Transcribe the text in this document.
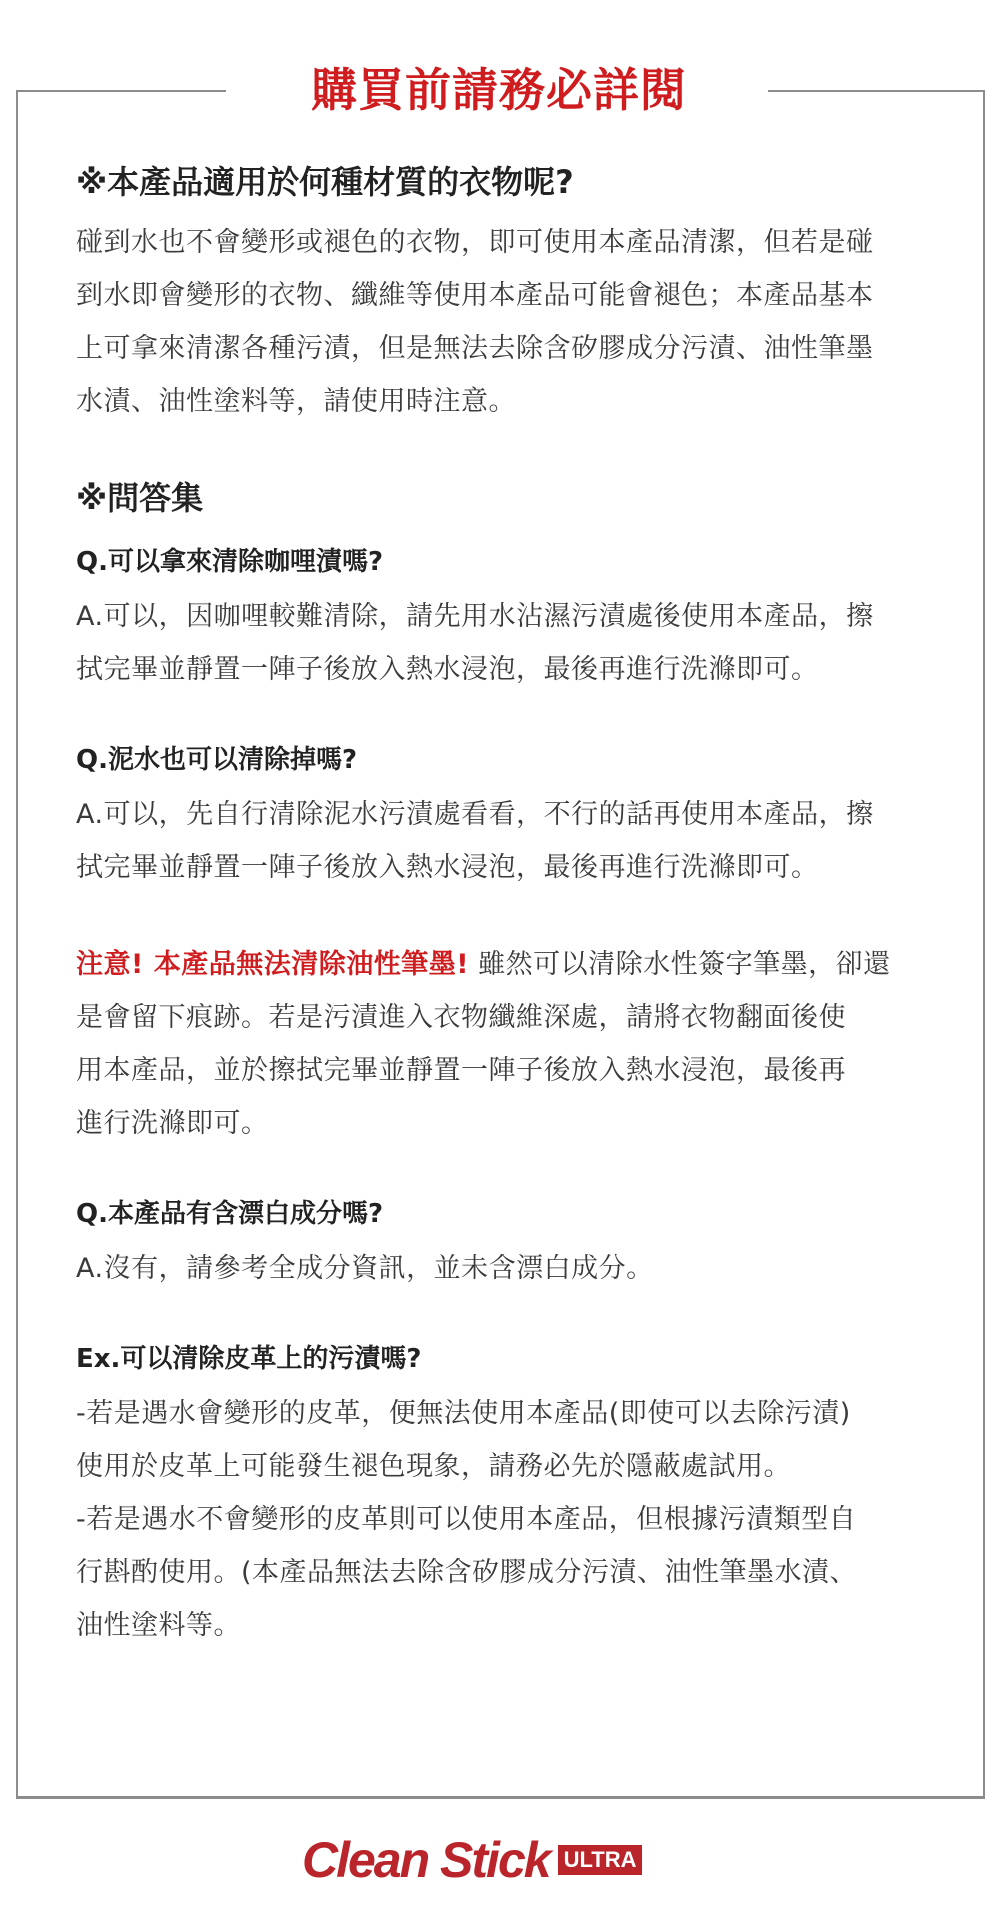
購買前請務必詳閱
※本產品適用於何種材質的衣物呢?

碰到水也不會變形或褪色的衣物，即可使用本產品清潔，但若是碰
到水即會變形的衣物、纖維等使用本產品可能會褪色；本產品基本
上可拿來清潔各種污漬，但是無法去除含矽膠成分污漬、油性筆墨
水漬、油性塗料等，請使用時注意。

※問答集

Q.可以拿來清除咖哩漬嗎?

A.可以，因咖哩較難清除，請先用水沾濕污漬處後使用本產品，擦
拭完畢並靜置一陣子後放入熱水浸泡，最後再進行洗滌即可。

Q.泥水也可以清除掉嗎?

A.可以，先自行清除泥水污漬處看看，不行的話再使用本產品，擦
拭完畢並靜置一陣子後放入熱水浸泡，最後再進行洗滌即可。

注意! 本產品無法清除油性筆墨! 雖然可以清除水性簽字筆墨，卻還
是會留下痕跡。若是污漬進入衣物纖維深處，請將衣物翻面後使
用本產品，並於擦拭完畢並靜置一陣子後放入熱水浸泡，最後再
進行洗滌即可。

Q.本產品有含漂白成分嗎?

A.沒有，請參考全成分資訊，並未含漂白成分。

Ex.可以清除皮革上的污漬嗎?

-若是遇水會變形的皮革，便無法使用本產品(即使可以去除污漬)
使用於皮革上可能發生褪色現象，請務必先於隱蔽處試用。
-若是遇水不會變形的皮革則可以使用本產品，但根據污漬類型自
行斟酌使用。(本產品無法去除含矽膠成分污漬、油性筆墨水漬、
油性塗料等。

Clean Stick ULTRA
